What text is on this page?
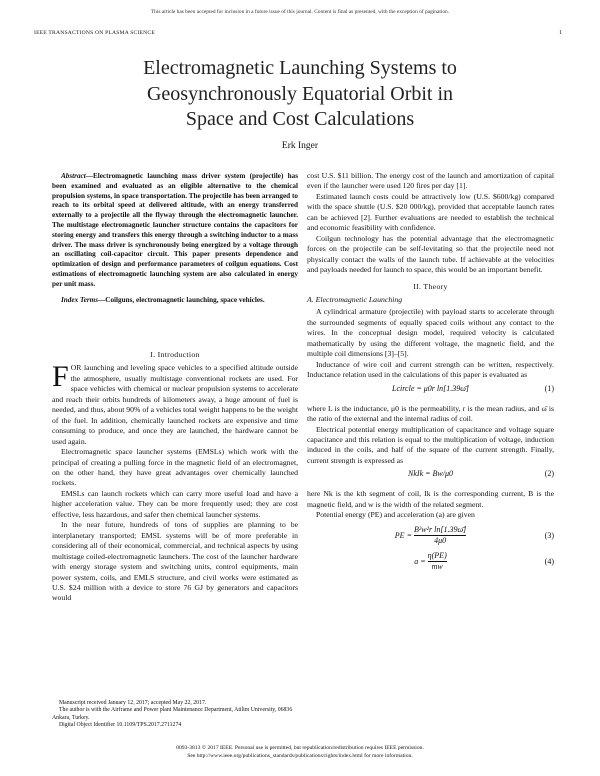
This article has been accepted for inclusion in a future issue of this journal. Content is final as presented, with the exception of pagination.
IEEE TRANSACTIONS ON PLASMA SCIENCE	1
Electromagnetic Launching Systems to
Geosynchronously Equatorial Orbit in
Space and Cost Calculations
Erk Inger

Abstract—Electromagnetic launching mass driver system (projectile) has been examined and evaluated as an eligible alternative to the chemical propulsion systems, in space transportation. The projectile has been arranged to reach to its orbital speed at delivered altitude, with an energy transferred externally to a projectile all the flyway through the electromagnetic launcher. The multistage electromagnetic launcher structure contains the capacitors for storing energy and transfers this energy through a switching inductor to a mass driver. The mass driver is synchronously being energized by a voltage through an oscillating coil-capacitor circuit. This paper presents dependence and optimization of design and performance parameters of coilgun equations. Cost estimations of electromagnetic launching system are also calculated in energy per unit mass.

Index Terms—Coilguns, electromagnetic launching, space vehicles.

I. Introduction

FOR launching and leveling space vehicles to a specified altitude outside the atmosphere, usually multistage conventional rockets are used. For space vehicles with chemical or nuclear propulsion systems to accelerate and reach their orbits hundreds of kilometers away, a huge amount of fuel is needed, and thus, about 90% of a vehicles total weight happens to be the weight of the fuel. In addition, chemically launched rockets are expensive and time consuming to produce, and once they are launched, the hardware cannot be used again.

Electromagnetic space launcher systems (EMSLs) which work with the principal of creating a pulling force in the magnetic field of an electromagnet, on the other hand, they have great advantages over chemically launched rockets.

EMSLs can launch rockets which can carry more useful load and have a higher acceleration value. They can be more frequently used; they are cost effective, less hazardous, and safer then chemical launcher systems.

In the near future, hundreds of tons of supplies are planning to be interplanetary transported; EMSL systems will be of more preferable in considering all of their economical, commercial, and technical aspects by using multistage coiled-electromagnetic launchers. The cost of the launcher hardware with energy storage system and switching units, control equipments, main power system, coils, and EMLS structure, and civil works were estimated as U.S. $24 million with a device to store 76 GJ by generators and capacitors would

Manuscript received January 12, 2017; accepted May 22, 2017.
The author is with the Airframe and Power plant Maintenance Department, Atilim University, 06836 Ankara, Turkey.
Digital Object Identifier 10.1109/TPS.2017.2711274

cost U.S. $11 billion. The energy cost of the launch and amortization of capital even if the launcher were used 120 fires per day [1].

Estimated launch costs could be attractively low (U.S. $600/kg) compared with the space shuttle (U.S. $20 000/kg), provided that acceptable launch rates can be achieved [2]. Further evaluations are needed to establish the technical and economic feasibility with confidence.

Coilgun technology has the potential advantage that the electromagnetic forces on the projectile can be self-levitating so that the projectile need not physically contact the walls of the launch tube. If achievable at the velocities and payloads needed for launch to space, this would be an important benefit.

II. Theory
A. Electromagnetic Launching

A cylindrical armature (projectile) with payload starts to accelerate through the surrounded segments of equally spaced coils without any contact to the wires. In the conceptual design model, required velocity is calculated mathematically by using the different voltage, the magnetic field, and the multiple coil dimensions [3]–[5].

Inductance of wire coil and current strength can be written, respectively. Inductance relation used in the calculations of this paper is evaluated as

Lcircle = μ0r ln[1.39ω̄]	(1)

where L is the inductance, μ0 is the permeability, r is the mean radius, and ω̄ is the ratio of the external and the internal radius of coil.

Electrical potential energy multiplication of capacitance and voltage square capacitance and this relation is equal to the multiplication of voltage, induction induced in the coils, and half of the square of the current strength. Finally, current strength is expressed as

NkIk = Bw/μ0	(2)

here Nk is the kth segment of coil, Ik is the corresponding current, B is the magnetic field, and w is the width of the related segment.

Potential energy (PE) and acceleration (a) are given

PE = $\frac{\text{B²w²r ln[1.39ω̄]}}{4\mu 0}$	(3)
$a = \frac{\eta(PE)}{mw}$	(4)
0093-3813 © 2017 IEEE. Personal use is permitted, but republication/redistribution requires IEEE permission.
See http://www.ieee.org/publications_standards/publications/rights/index.html for more information.
